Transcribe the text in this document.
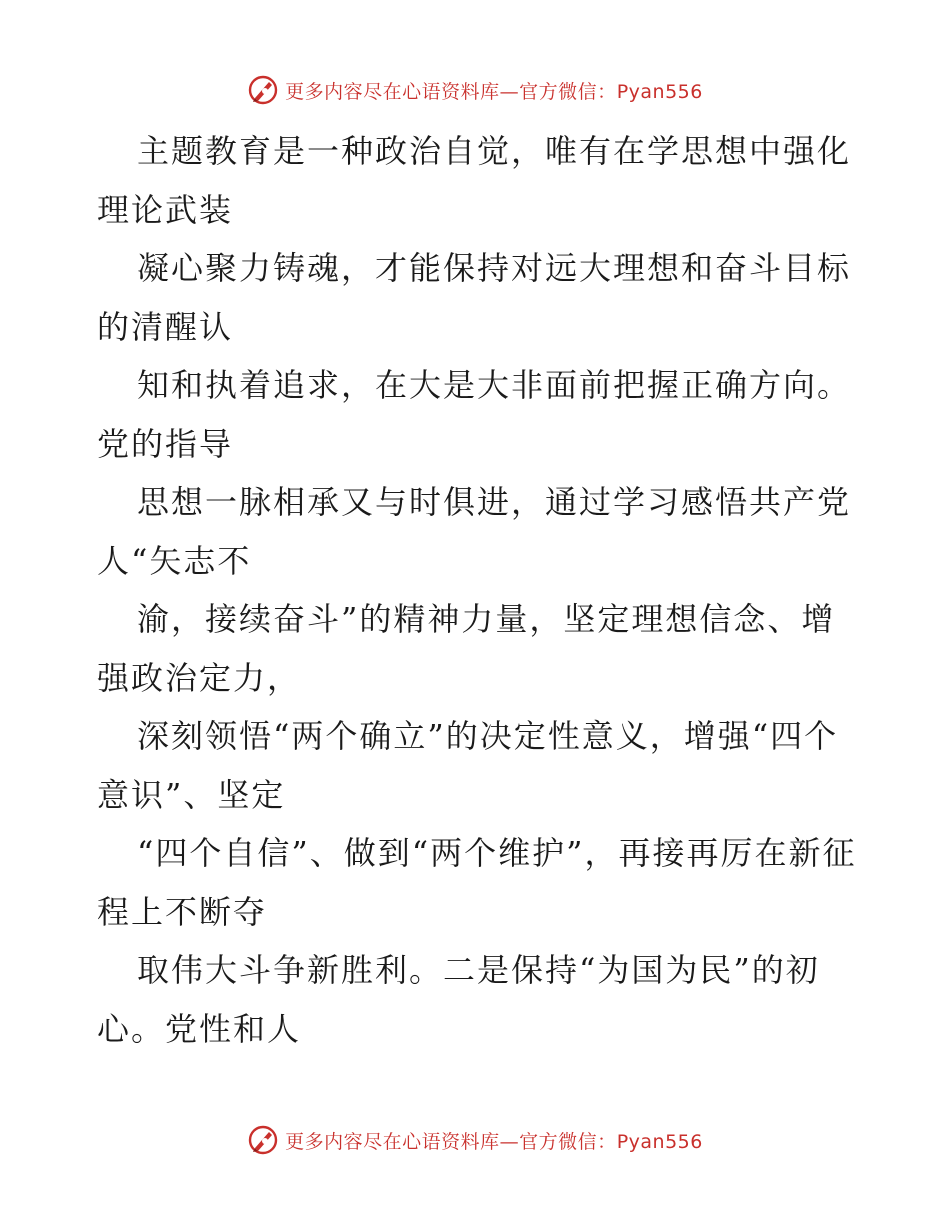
更多内容尽在心语资料库—官方微信：Pyan556

主题教育是一种政治自觉，唯有在学思想中强化理论武装

凝心聚力铸魂，才能保持对远大理想和奋斗目标的清醒认

知和执着追求，在大是大非面前把握正确方向。党的指导

思想一脉相承又与时俱进，通过学习感悟共产党人“矢志不

渝，接续奋斗”的精神力量，坚定理想信念、增强政治定力，

深刻领悟“两个确立”的决定性意义，增强“四个意识”、坚定

“四个自信”、做到“两个维护”，再接再厉在新征程上不断夺

取伟大斗争新胜利。二是保持“为国为民”的初心。党性和人

更多内容尽在心语资料库—官方微信：Pyan556
